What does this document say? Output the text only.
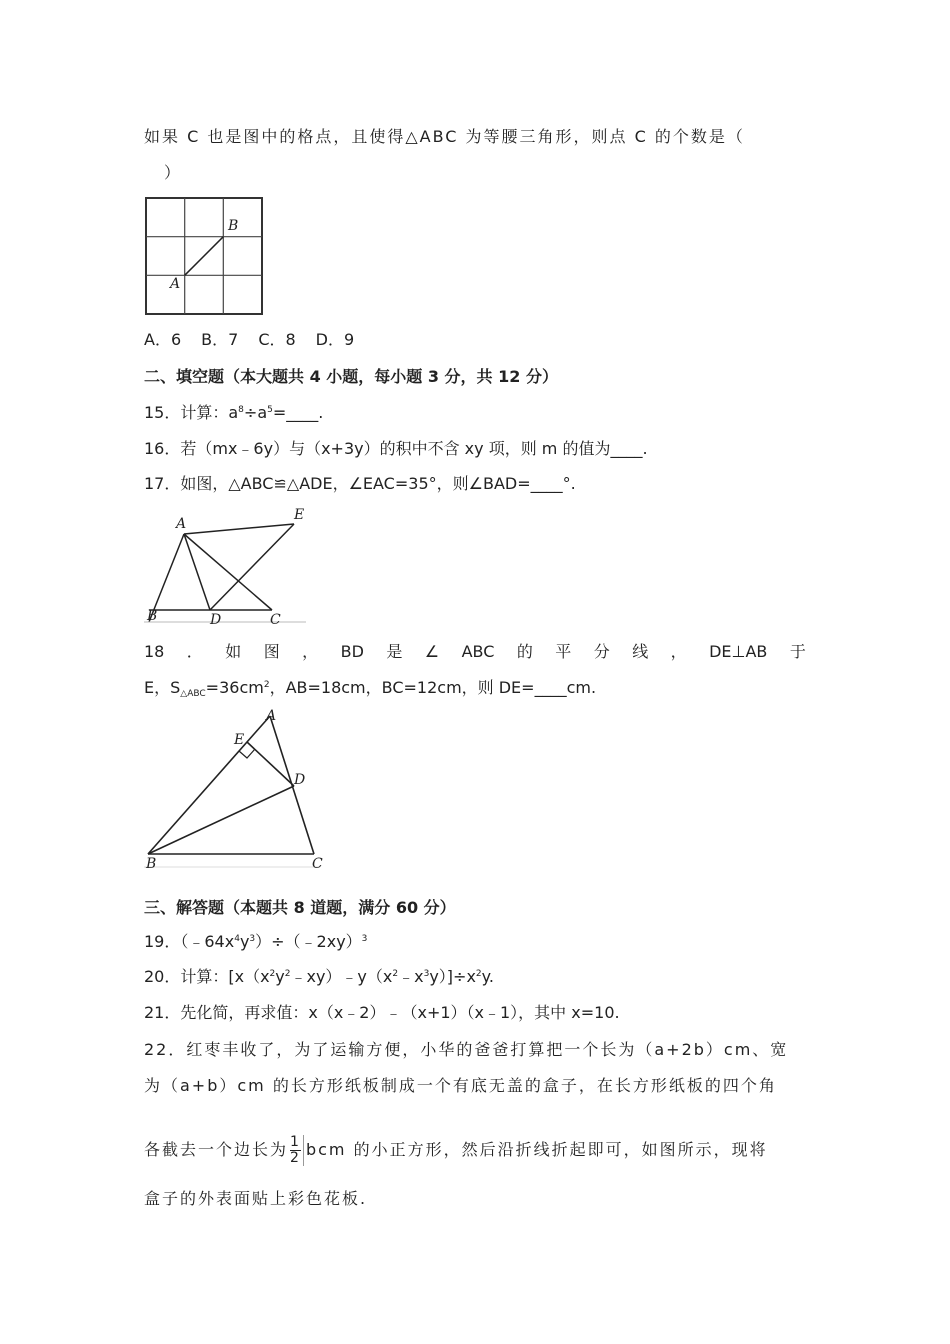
如果 C 也是图中的格点，且使得△ABC 为等腰三角形，则点 C 的个数是（
）
A
B
A．6 B．7 C．8 D．9
二、填空题（本大题共 4 小题，每小题 3 分，共 12 分）
15．计算：$a^8\div a^5=\_\_\_\_$.
16．若（mx﹣6y）与（x+3y）的积中不含 xy 项，则 m 的值为____.
17．如图，△ABC≌△ADE，∠EAC=35°，则∠BAD=____°.
A
E
B	D	C
18 ． 如 图 ， BD 是 ∠ ABC 的 平 分 线 ， DE⊥AB 于
E，$S_{\triangle ABC}=36cm^2$，AB=18cm，BC=12cm，则 DE=____cm.
A
E
D
B	C
三、解答题（本题共 8 道题，满分 60 分）
19．$(﹣64x^4y^3)\div(﹣2xy)^3$
20．计算：$[x(x^2y^2﹣xy)﹣y(x^2﹣x^3y)]\div x^2y$.
21．先化简，再求值：x（x﹣2）﹣（x+1）（x﹣1），其中 x=10.
22．红枣丰收了，为了运输方便，小华的爸爸打算把一个长为（a+2b）cm、宽
为（a+b）cm 的长方形纸板制成一个有底无盖的盒子，在长方形纸板的四个角
各截去一个边长为 $\frac{1}{2}$ bcm 的小正方形，然后沿折线折起即可，如图所示，现将
盒子的外表面贴上彩色花板.
